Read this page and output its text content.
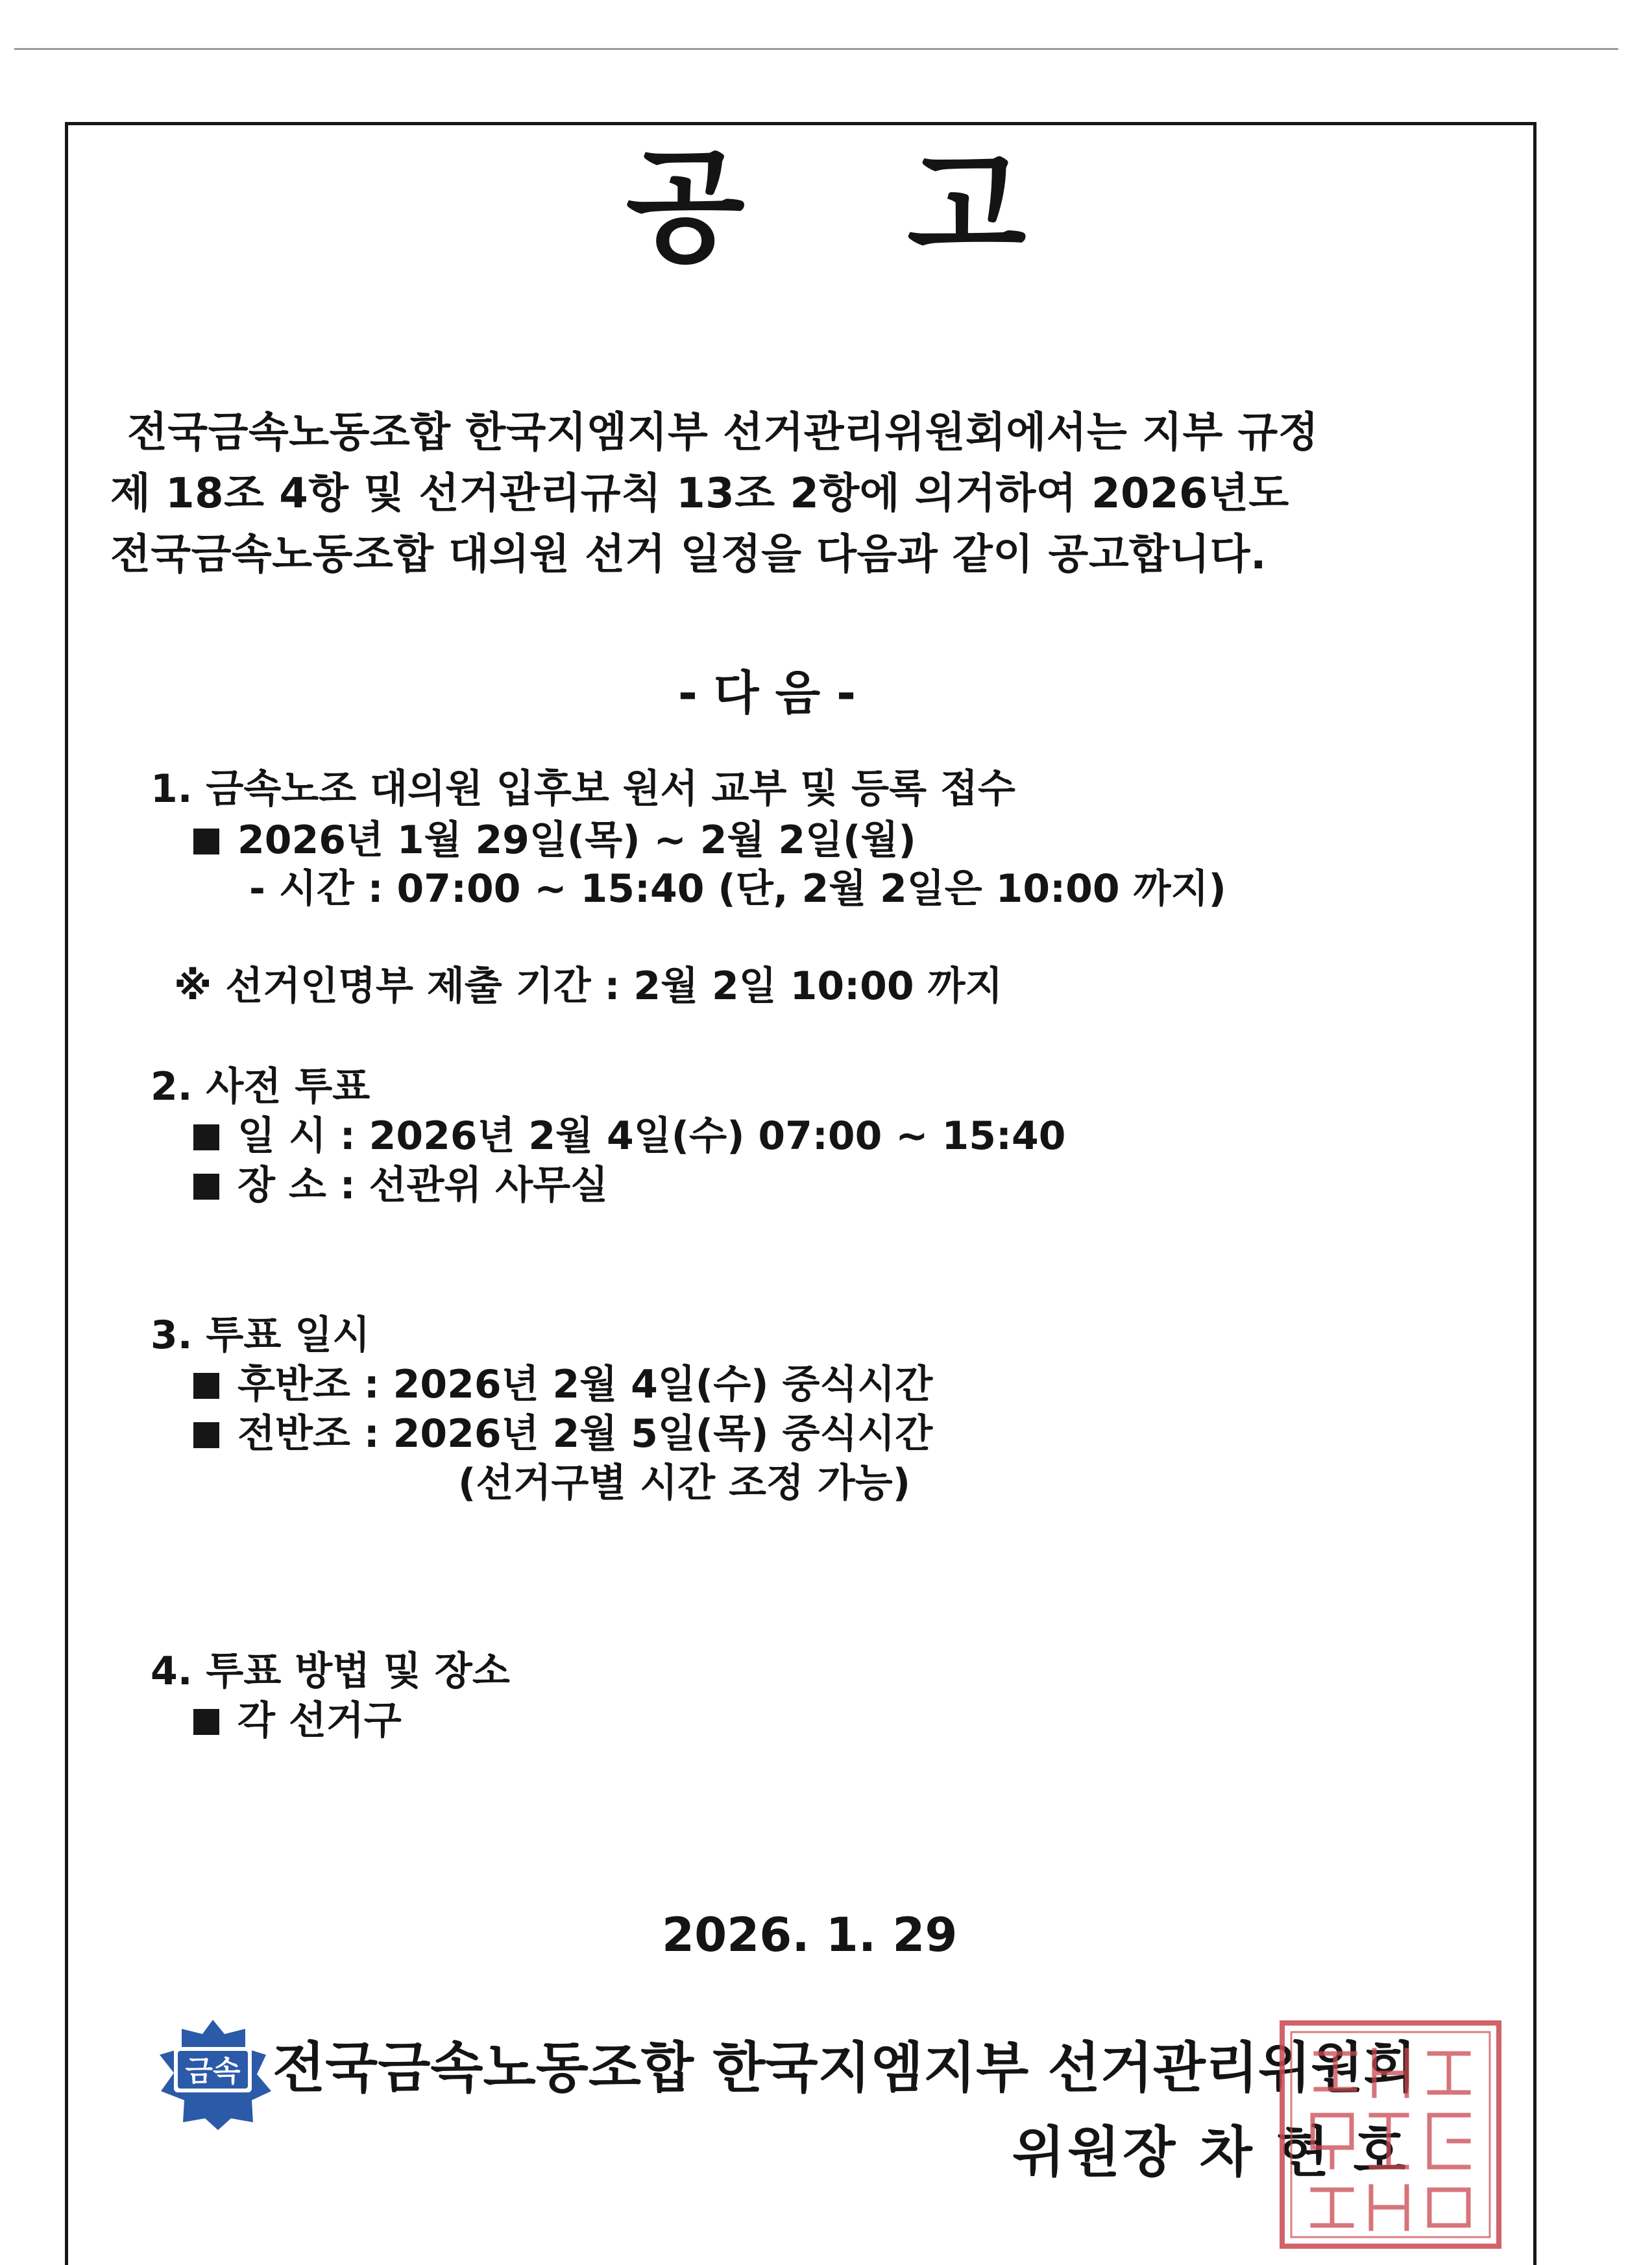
공 고
전국금속노동조합 한국지엠지부 선거관리위원회에서는 지부 규정
제 18조 4항 및 선거관리규칙 13조 2항에 의거하여 2026년도
전국금속노동조합 대의원 선거 일정을 다음과 같이 공고합니다.
- 다 음 -
1. 금속노조 대의원 입후보 원서 교부 및 등록 접수
2026년 1월 29일(목) ~ 2월 2일(월)
- 시간 : 07:00 ~ 15:40 (단, 2월 2일은 10:00 까지)
※ 선거인명부 제출 기간 : 2월 2일 10:00 까지
2. 사전 투표
일 시 : 2026년 2월 4일(수) 07:00 ~ 15:40
장 소 : 선관위 사무실
3. 투표 일시
후반조 : 2026년 2월 4일(수) 중식시간
전반조 : 2026년 2월 5일(목) 중식시간
(선거구별 시간 조정 가능)
4. 투표 방법 및 장소
각 선거구
2026. 1. 29
금속 전국금속노동조합 한국지엠지부 선거관리위원회
위원장 차 현 호
